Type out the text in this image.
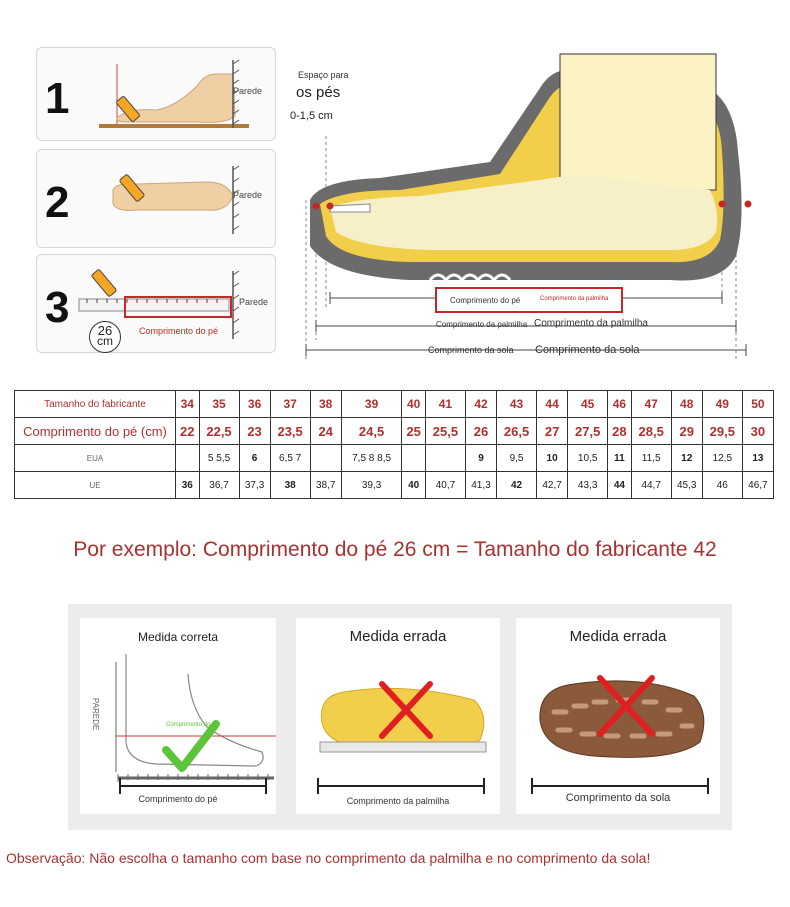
1	Parede
2	Parede
3	Parede
Comprimento do pé
26
cm
Espaço para
os pés
0-1,5 cm
Comprimento do pé	Comprimento da palmilha
Comprimento da palmilha Comprimento da palmilha
Comprimento da sola Comprimento da sola
Tamanho do fabricante	34	35	36	37	38	39	40	41	42	43	44	45	46	47	48	49	50
Comprimento do pé (cm)	22	22,5	23	23,5	24	24,5	25	25,5	26	26,5	27	27,5	28	28,5	29	29,5	30
EUA		5 5,5	6	6,5 7		7,5 8 8,5			9	9,5	10	10,5	11	11,5	12	12,5	13
UE	36	36,7	37,3	38	38,7	39,3	40	40,7	41,3	42	42,7	43,3	44	44,7	45,3	46	46,7
Por exemplo: Comprimento do pé 26 cm = Tamanho do fabricante 42
Medida correta
PAREDE	Comprimento do pé
Comprimento do pé
Medida errada
Comprimento da palmilha
Medida errada
Comprimento da sola
Observação: Não escolha o tamanho com base no comprimento da palmilha e no comprimento da sola!
